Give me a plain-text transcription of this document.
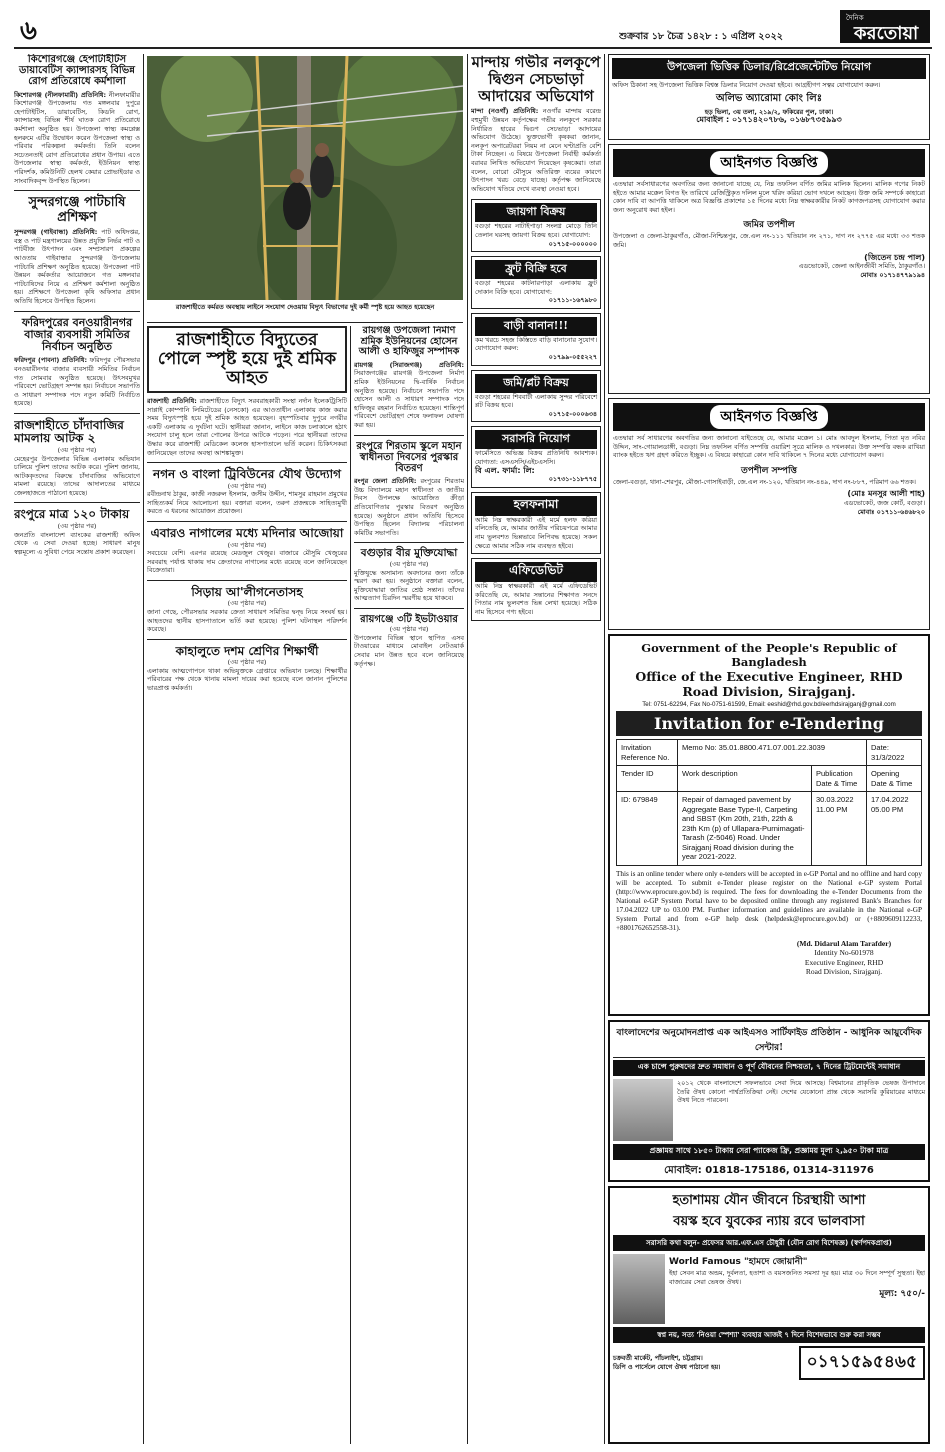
৬	শুক্রবার ১৮ চৈত্র ১৪২৮ : ১ এপ্রিল ২০২২
দৈনিক
করতোয়া
কিশোরগঞ্জে হেপাটাইটিস ডায়াবেটিস ক্যান্সারসহ বিভিন্ন রোগ প্রতিরোধে কর্মশালা

কিশোরগঞ্জ (নীলফামারী) প্রতিনিধি: নীলফামারীর কিশোরগঞ্জ উপজেলায় গত মঙ্গলবার দুপুরে হেপাটাইটিস, ডায়াবেটিস, কিডনি রোগ, ক্যান্সারসহ বিভিন্ন শীর্ষ ঘাতক রোগ প্রতিরোধে কর্মশালা অনুষ্ঠিত হয়। উপজেলা স্বাস্থ্য কমপ্লেক্স হলরুমে এটির উদ্বোধন করেন উপজেলা স্বাস্থ্য ও পরিবার পরিকল্পনা কর্মকর্তা। তিনি বলেন সচেতনতাই রোগ প্রতিরোধের প্রধান উপায়। এতে উপজেলার স্বাস্থ্য কর্মকর্তা, ইউনিয়ন স্বাস্থ্য পরিদর্শক, কমিউনিটি হেলথ কেয়ার প্রোভাইডার ও সাংবাদিকবৃন্দ উপস্থিত ছিলেন।

সুন্দরগঞ্জে পাটচাষি প্রশিক্ষণ

সুন্দরগঞ্জ (গাইবান্ধা) প্রতিনিধি: পাট অধিদপ্তর, বস্ত্র ও পাট মন্ত্রণালয়ের উন্নত প্রযুক্তি নির্ভর পাট ও পাটবীজ উৎপাদন এবং সম্প্রসারণ প্রকল্পের আওতায় গাইবান্ধার সুন্দরগঞ্জ উপজেলায় পাটচাষি প্রশিক্ষণ অনুষ্ঠিত হয়েছে। উপজেলা পাট উন্নয়ন কর্মকর্তার আয়োজনে গত মঙ্গলবার পাটচাষিদের নিয়ে এ প্রশিক্ষণ কর্মশালা অনুষ্ঠিত হয়। প্রশিক্ষণে উপজেলা কৃষি অফিসার প্রধান অতিথি হিসেবে উপস্থিত ছিলেন।

ফরিদপুরের বনওয়ারীনগর বাজার ব্যবসায়ী সমিতির নির্বাচন অনুষ্ঠিত

ফরিদপুর (পাবনা) প্রতিনিধি: ফরিদপুর পৌরসভার বনওয়ারীনগর বাজার ব্যবসায়ী সমিতির নির্বাচন গত সোমবার অনুষ্ঠিত হয়েছে। উৎসবমুখর পরিবেশে ভোটগ্রহণ সম্পন্ন হয়। নির্বাচনে সভাপতি ও সাধারণ সম্পাদক পদে নতুন কমিটি নির্বাচিত হয়েছে।

রাজশাহীতে চাঁদাবাজির মামলায় আটক ২
(৩য় পৃষ্ঠার পর)

মেহেরপুর উপজেলার বিভিন্ন এলাকায় অভিযান চালিয়ে পুলিশ তাদের আটক করে। পুলিশ জানায়, আটককৃতদের বিরুদ্ধে চাঁদাবাজির অভিযোগে মামলা রয়েছে। তাদের আদালতের মাধ্যমে জেলহাজতে পাঠানো হয়েছে।

রংপুরে মাত্র ১২০ টাকায়
(৩য় পৃষ্ঠার পর)

জনপ্রতি বাংলাদেশ ব্যাংকের রাজশাহী অফিস থেকে এ সেবা দেওয়া হচ্ছে। সাধারণ মানুষ স্বল্পমূল্যে এ সুবিধা পেয়ে সন্তোষ প্রকাশ করেছেন।

রাজশাহীতে কর্মরত অবস্থায় লাইনে সংযোগ দেওয়ায় বিদ্যুৎ বিভাগের দুই কর্মী স্পৃষ্ট হয়ে আহত হয়েছেন

রাজশাহীতে বিদ্যুতের পোলে স্পৃষ্ট হয়ে দুই শ্রমিক আহত

রাজশাহী প্রতিনিধি: রাজশাহীতে বিদ্যুৎ সরবরাহকারী সংস্থা নর্দান ইলেকট্রিসিটি সাপ্লাই কোম্পানি লিমিটেডের (নেসকো) এর আওতাধীন এলাকায় কাজ করার সময় বিদ্যুৎস্পৃষ্ট হয়ে দুই শ্রমিক আহত হয়েছেন। বৃহস্পতিবার দুপুরে নগরীর একটি এলাকায় এ দুর্ঘটনা ঘটে। স্থানীয়রা জানান, লাইনে কাজ চলাকালে হঠাৎ সংযোগ চালু হলে তারা পোলের উপরে আটকে পড়েন। পরে স্থানীয়রা তাদের উদ্ধার করে রাজশাহী মেডিকেল কলেজ হাসপাতালে ভর্তি করেন। চিকিৎসকরা জানিয়েছেন তাদের অবস্থা আশঙ্কামুক্ত।

নগন ও বাংলা ট্রিবিউনের যৌথ উদ্যোগ
(৩য় পৃষ্ঠার পর)

রবীন্দ্রনাথ ঠাকুর, কাজী নজরুল ইসলাম, জসীম উদ্দীন, শামসুর রাহমান প্রমুখের সাহিত্যকর্ম নিয়ে আলোচনা হয়। বক্তারা বলেন, তরুণ প্রজন্মকে সাহিত্যমুখী করতে এ ধরনের আয়োজন প্রয়োজন।

এবারও নাগালের মধ্যে মদিনার আজোয়া
(৩য় পৃষ্ঠার পর)

সবচেয়ে বেশি। এরপর রয়েছে মেডজুল খেজুর। বাজারে মৌসুমি খেজুরের সরবরাহ পর্যাপ্ত থাকায় দাম ক্রেতাদের নাগালের মধ্যে রয়েছে বলে জানিয়েছেন বিক্রেতারা।

সিড়ায় আ'লীগনেতাসহ
(৩য় পৃষ্ঠার পর)

জানা গেছে, পৌরসভার সরকার ক্রেতা সাধারণ সমিতির দ্বন্দ্ব নিয়ে সংঘর্ষ হয়। আহতদের স্থানীয় হাসপাতালে ভর্তি করা হয়েছে। পুলিশ ঘটনাস্থল পরিদর্শন করেছে।

কাহালুতে দশম শ্রেণির শিক্ষার্থী
(৩য় পৃষ্ঠার পর)

এলাকায় আত্মগোপনে থাকা অভিযুক্তকে গ্রেপ্তারে অভিযান চলছে। শিক্ষার্থীর পরিবারের পক্ষ থেকে থানায় মামলা দায়ের করা হয়েছে বলে জানান পুলিশের ভারপ্রাপ্ত কর্মকর্তা।

রায়গঞ্জ উপজেলা নির্মাণ শ্রমিক ইউনিয়নের হোসেন আলী ও হাফিজুর সম্পাদক

রায়গঞ্জ (সিরাজগঞ্জ) প্রতিনিধি: সিরাজগঞ্জের রায়গঞ্জ উপজেলা নির্মাণ শ্রমিক ইউনিয়নের দ্বি-বার্ষিক নির্বাচন অনুষ্ঠিত হয়েছে। নির্বাচনে সভাপতি পদে হোসেন আলী ও সাধারণ সম্পাদক পদে হাফিজুর রহমান নির্বাচিত হয়েছেন। শান্তিপূর্ণ পরিবেশে ভোটগ্রহণ শেষে ফলাফল ঘোষণা করা হয়।

রংপুরে শিরতাম স্কুলে মহান স্বাধীনতা দিবসের পুরস্কার বিতরণ

রংপুর জেলা প্রতিনিধি: রংপুরের শিরতাম উচ্চ বিদ্যালয়ে মহান স্বাধীনতা ও জাতীয় দিবস উপলক্ষে আয়োজিত ক্রীড়া প্রতিযোগিতার পুরস্কার বিতরণ অনুষ্ঠিত হয়েছে। অনুষ্ঠানে প্রধান অতিথি হিসেবে উপস্থিত ছিলেন বিদ্যালয় পরিচালনা কমিটির সভাপতি।

বগুড়ার বীর মুক্তিযোদ্ধা
(৩য় পৃষ্ঠার পর)

মুক্তিযুদ্ধে অসামান্য অবদানের জন্য তাঁকে স্মরণ করা হয়। অনুষ্ঠানে বক্তারা বলেন, মুক্তিযোদ্ধারা জাতির শ্রেষ্ঠ সন্তান। তাঁদের আত্মত্যাগ চিরদিন স্মরণীয় হয়ে থাকবে।

রায়গঞ্জে ৩টি ইভটাওয়ার
(৩য় পৃষ্ঠার পর)

উপজেলার বিভিন্ন স্থানে স্থাপিত এসব টাওয়ারের মাধ্যমে মোবাইল নেটওয়ার্ক সেবার মান উন্নত হবে বলে জানিয়েছে কর্তৃপক্ষ।

মান্দায় গভীর নলকূপে দ্বিগুন সেচভাড়া আদায়ের অভিযোগ

মান্দা (নওগাঁ) প্রতিনিধি: নওগাঁর মান্দায় বরেন্দ্র বহুমুখী উন্নয়ন কর্তৃপক্ষের গভীর নলকূপে সরকার নির্ধারিত হারের দ্বিগুণ সেচভাড়া আদায়ের অভিযোগ উঠেছে। ভুক্তভোগী কৃষকরা জানান, নলকূপ অপারেটররা নিয়ম না মেনে ঘণ্টাপ্রতি বেশি টাকা নিচ্ছেন। এ বিষয়ে উপজেলা নির্বাহী কর্মকর্তা বরাবর লিখিত অভিযোগ দিয়েছেন কৃষকেরা। তারা বলেন, বোরো মৌসুমে অতিরিক্ত ব্যয়ের কারণে উৎপাদন খরচ বেড়ে যাচ্ছে। কর্তৃপক্ষ জানিয়েছে অভিযোগ খতিয়ে দেখে ব্যবস্থা নেওয়া হবে।

জায়গা বিক্রয়

বগুড়া শহরের নাটাইপাড়া সংলগ্ন মোড়ে তিনি তেলান ঘরসহ জায়গা বিক্রয় হবে। যোগাযোগ:

০১৭১৫-০০০০০০
ফ্রুট বিক্রি হবে

বগুড়া শহরের কাটনারপাড়া এলাকায় ফ্রুট দোকান বিক্রি হবে। যোগাযোগ:

০১৭১১-১৬৭৯৮০
বাড়ী বানান!!!

কম খরচে সহজ কিস্তিতে বাড়ি বানানোর সুযোগ। যোগাযোগ করুন:

০১৭৯৯-০৫৫২২৭
জমি/প্লট বিক্রয়

বগুড়া শহরের শিববাটী এলাকায় সুন্দর পরিবেশে প্লট বিক্রয় হবে।

০১৭১৫-০০০৬৩৪
সরাসরি নিয়োগ

ফার্মেসিতে অভিজ্ঞ বিক্রয় প্রতিনিধি আবশ্যক। যোগ্যতা: এসএসসি/এইচএসসি।

বি এল. ফার্মা: লি:
০১৭৩১-১১৮৭৭৫
হলফনামা

আমি নিম্ন স্বাক্ষরকারী এই মর্মে হলফ করিয়া বলিতেছি যে, আমার জাতীয় পরিচয়পত্রে আমার নাম ভুলবশত ভিন্নভাবে লিপিবদ্ধ হয়েছে। সকল ক্ষেত্রে আমার সঠিক নাম ব্যবহৃত হইবে।

এফিডেভিট

আমি নিম্ন স্বাক্ষরকারী এই মর্মে এফিডেভিট করিতেছি যে, আমার সন্তানের শিক্ষাগত সনদে পিতার নাম ভুলবশত ভিন্ন লেখা হয়েছে। সঠিক নাম হিসেবে গণ্য হইবে।

উপজেলা ভিত্তিক ডিলার/রিপ্রেজেন্টেটিভ নিয়োগ

অফিস ঠিকানা সহ উপজেলা ভিত্তিক বিশ্বস্ত ডিলার নিয়োগ দেওয়া হইবে। আগ্রহীগণ সত্বর যোগাযোগ করুন।

অলিভ অ্যারোমা কোং লিঃ
হড় ভিলা, ৩য় তলা, ২১৯/২, ফকিরের পুল, ঢাকা।
মোবাইল : ০১৭১৪২০৭৮৬, ০১৬৮৭৩৫৯৯৩
আইনগত বিজ্ঞপ্তি

এতদ্বারা সর্বসাধারণের অবগতির জন্য জানানো যাচ্ছে যে, নিম্ন তফসিল বর্ণিত জমির মালিক ছিলেন। মালিক গণের নিকট হইতে আমার মক্কেল বিগত ইং তারিখে রেজিস্ট্রিকৃত দলিল মূলে খরিদ করিয়া ভোগ দখলে আছেন। উক্ত জমি সম্পর্কে কাহারো কোন দাবি বা আপত্তি থাকিলে অত্র বিজ্ঞপ্তি প্রকাশের ১৫ দিনের মধ্যে নিম্ন স্বাক্ষরকারীর নিকট কাগজপত্রসহ যোগাযোগ করার জন্য অনুরোধ করা হইল।

জমির তপশীল

উপজেলা ও জেলা-ঠাকুরগাঁও, মৌজা-নিশ্চিন্তপুর, জে.এল নং-১১১ খতিয়ান নং ২৭১, দাগ নং ২৭৭৫ এর মধ্যে ৩৩ শতক জমি।

(জিতেন চন্দ্র পাল)
এডভোকেট, জেলা আইনজীবী সমিতি, ঠাকুরগাঁও।
মোবাঃ ০১৭১৪৭৭৯১৯৪
আইনগত বিজ্ঞপ্তি

এতদ্বারা সর্ব সাধারণের অবগতির জন্য জানানো যাইতেছে যে, আমার মক্কেল ১। মোঃ আবদুল ইসলাম, পিতা মৃত নবির উদ্দিন, সাং-গোয়ালডাঙ্গী, বগুড়া। নিম্ন তফসিল বর্ণিত সম্পত্তি ওয়ারিশ সূত্রে মালিক ও দখলকার। উক্ত সম্পত্তি বন্ধক রাখিয়া ব্যাংক হইতে ঋণ গ্রহণ করিতে ইচ্ছুক। এ বিষয়ে কাহারো কোন দাবি থাকিলে ৭ দিনের মধ্যে যোগাযোগ করুন।

তপশীল সম্পত্তি

জেলা-বগুড়া, থানা-শেরপুর, মৌজা-গোসাইবাড়ী, জে.এল নং-১২০, খতিয়ান নং-৪৪৯, দাগ নং-৮৮৭, পরিমাণ ৬৬ শতক।

(মোঃ মনসুর আলী শাহ)
এডভোকেট, জজ কোর্ট, বগুড়া।
মোবাঃ ০১৭১১-৬৪৬৮২০
Government of the People's Republic of Bangladesh
Office of the Executive Engineer, RHD
Road Division, Sirajganj.
Tel: 0751-62294, Fax No-0751-61599, Email: eeshid@rhd.gov.bd/eerhdsirajganj@gmail.com
Invitation for e-Tendering
Invitation Reference No.	Memo No: 35.01.8800.471.07.001.22.3039		Date: 31/3/2022
Tender ID	Work description	Publication Date & Time	Opening Date & Time
ID: 679849	Repair of damaged pavement by Aggregate Base Type-II, Carpeting and SBST (Km 20th, 21th, 22th & 23th Km (p) of Ullapara-Purnimagati-Tarash (Z-5046) Road. Under Sirajganj Road division during the year 2021-2022.	30.03.2022 11.00 PM	17.04.2022 05.00 PM

This is an online tender where only e-tenders will be accepted in e-GP Portal and no offline and hard copy will be accepted. To submit e-Tender please register on the National e-GP system Portal (http://www.eprocure.gov.bd) is required. The fees for downloading the e-Tender Documents from the National e-GP System Portal have to be deposited online through any registered Bank's Branches for 17.04.2022 UP to 03.00 PM. Further information and guidelines are available in the National e-GP System Portal and from e-GP help desk (helpdesk@eprocure.gov.bd) or (+8809609112233, +8801762652558-31).

(Md. Didarul Alam Tarafder)
Identity No-601978
Executive Engineer, RHD
Road Division, Sirajganj.
বাংলাদেশের অনুমোদনপ্রাপ্ত এক আইএসও সার্টিফাইড প্রতিষ্ঠান - আধুনিক আয়ুর্বেদিক সেন্টার!
এক চান্সে পুরুষদের দ্রুত সমাধান ও পূর্ণ যৌবনের নিশ্চয়তা, ৭ দিনের ট্রিটমেন্টেই সমাধান

২০১২ থেকে বাংলাদেশে সফলভাবে সেবা দিয়ে আসছে। বিশ্বমানের প্রাকৃতিক ভেষজ উপাদানে তৈরি ঔষধ কোনো পার্শ্বপ্রতিক্রিয়া নেই। দেশের যেকোনো প্রান্ত থেকে সরাসরি কুরিয়ারের মাধ্যমে ঔষধ নিতে পারবেন।

প্রজ্ঞাময় সাথে ১৮৫০ টাকায় সেরা প্যাকেজ ফ্রি, প্রজ্ঞাময় মূল্য ২,৯৫০ টাকা মাত্র
মোবাইল: 01818-175186, 01314-311976
হতাশাময় যৌন জীবনে চিরস্থায়ী আশা
বয়স্ক হবে যুবকের ন্যায় রবে ভালবাসা
সরাসরি কথা বলুন- প্রফেসর আর.এফ.এস চৌধুরী (যৌন রোগ বিশেষজ্ঞ) (স্বর্ণপদকপ্রাপ্ত)
World Famous "হামদে জোয়ানী"

ইহা সেবন মাত্র অন্ডম, দুর্বলতা, হতাশা ও বয়সজনিত সমস্যা দূর হয়। মাত্র ৩০ দিনে সম্পূর্ণ সুস্থতা। ইহা বাজারের সেরা ভেষজ ঔষধ।

মূল্য: ৭৫০/-
স্বপ্ন নয়, সত্য 'নিওয়া স্পেশ্যা' ব্যবহার আজই ৭ দিনে বিশেষভাবে শুরু করা সম্ভব
চক্রবর্তী মার্কেট, পাঁচলাইশ, চট্টগ্রাম।
ডিপি ও পার্সেলে যোগে ঔষধ পাঠানো হয়।	০১৭১৫৯৫৪৬৫
